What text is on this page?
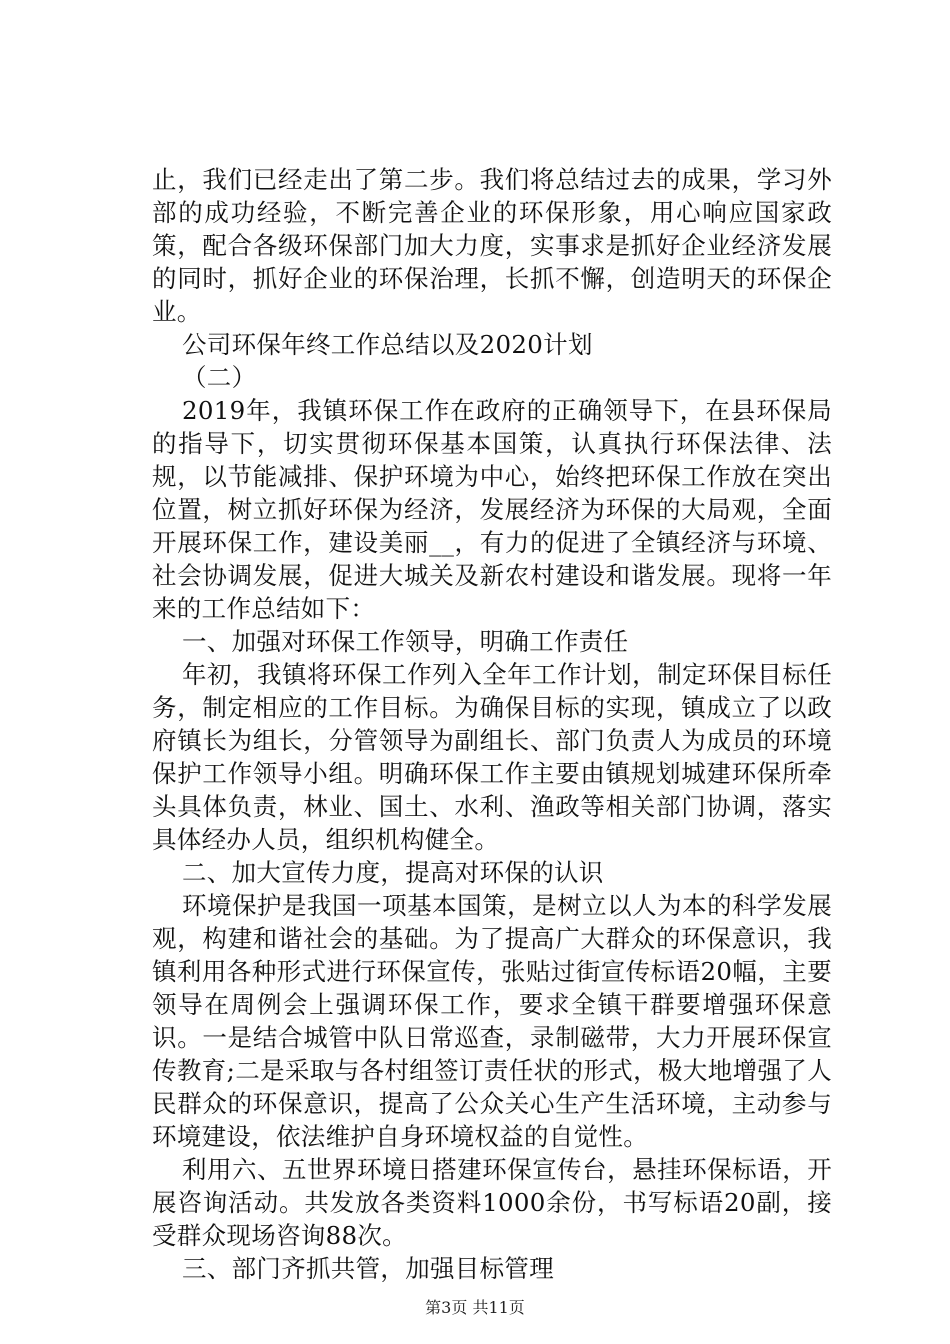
止，我们已经走出了第二步。我们将总结过去的成果，学习外部的成功经验，不断完善企业的环保形象，用心响应国家政策，配合各级环保部门加大力度，实事求是抓好企业经济发展的同时，抓好企业的环保治理，长抓不懈，创造明天的环保企业。

公司环保年终工作总结以及2020计划

（二）

2019年，我镇环保工作在政府的正确领导下，在县环保局的指导下，切实贯彻环保基本国策，认真执行环保法律、法规，以节能减排、保护环境为中心，始终把环保工作放在突出位置，树立抓好环保为经济，发展经济为环保的大局观，全面开展环保工作，建设美丽__，有力的促进了全镇经济与环境、社会协调发展，促进大城关及新农村建设和谐发展。现将一年来的工作总结如下：

一、加强对环保工作领导，明确工作责任

年初，我镇将环保工作列入全年工作计划，制定环保目标任务，制定相应的工作目标。为确保目标的实现，镇成立了以政府镇长为组长，分管领导为副组长、部门负责人为成员的环境保护工作领导小组。明确环保工作主要由镇规划城建环保所牵头具体负责，林业、国土、水利、渔政等相关部门协调，落实具体经办人员，组织机构健全。

二、加大宣传力度，提高对环保的认识

环境保护是我国一项基本国策，是树立以人为本的科学发展观，构建和谐社会的基础。为了提高广大群众的环保意识，我镇利用各种形式进行环保宣传，张贴过街宣传标语20幅，主要领导在周例会上强调环保工作，要求全镇干群要增强环保意识。一是结合城管中队日常巡查，录制磁带，大力开展环保宣传教育;二是采取与各村组签订责任状的形式，极大地增强了人民群众的环保意识，提高了公众关心生产生活环境，主动参与环境建设，依法维护自身环境权益的自觉性。

利用六、五世界环境日搭建环保宣传台，悬挂环保标语，开展咨询活动。共发放各类资料1000余份，书写标语20副，接受群众现场咨询88次。

三、部门齐抓共管，加强目标管理

第3页 共11页
